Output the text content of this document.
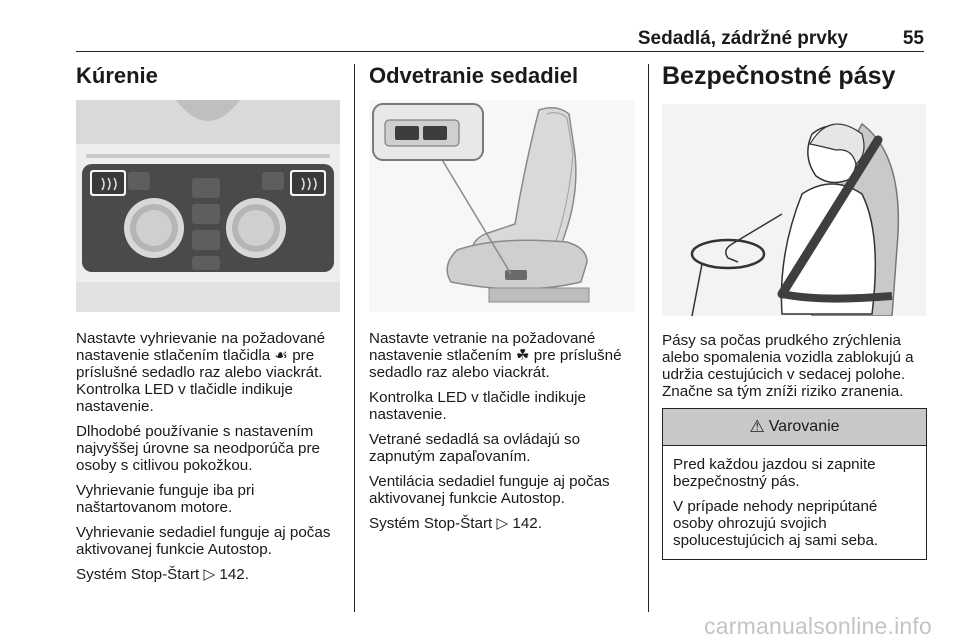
Sedadlá, zádržné prvky	55
Kúrenie

Nastavte vyhrievanie na požadované nastavenie stlačením tlačidla ☙ pre príslušné sedadlo raz alebo viackrát. Kontrolka LED v tlačidle indikuje nastavenie.

Dlhodobé používanie s nastavením najvyššej úrovne sa neodporúča pre osoby s citlivou pokožkou.

Vyhrievanie funguje iba pri naštartovanom motore.

Vyhrievanie sedadiel funguje aj počas aktivovanej funkcie Autostop.

Systém Stop-Štart ▷ 142.

Odvetranie sedadiel

Nastavte vetranie na požadované nastavenie stlačením ☘ pre príslušné sedadlo raz alebo viackrát.

Kontrolka LED v tlačidle indikuje nastavenie.

Vetrané sedadlá sa ovládajú so zapnutým zapaľovaním.

Ventilácia sedadiel funguje aj počas aktivovanej funkcie Autostop.

Systém Stop-Štart ▷ 142.

Bezpečnostné pásy

Pásy sa počas prudkého zrýchlenia alebo spomalenia vozidla zablokujú a udržia cestujúcich v sedacej polohe. Značne sa tým zníži riziko zranenia.

⚠ Varovanie

Pred každou jazdou si zapnite bezpečnostný pás.

V prípade nehody nepripútané osoby ohrozujú svojich spolucestujúcich aj sami seba.

carmanualsonline.info
